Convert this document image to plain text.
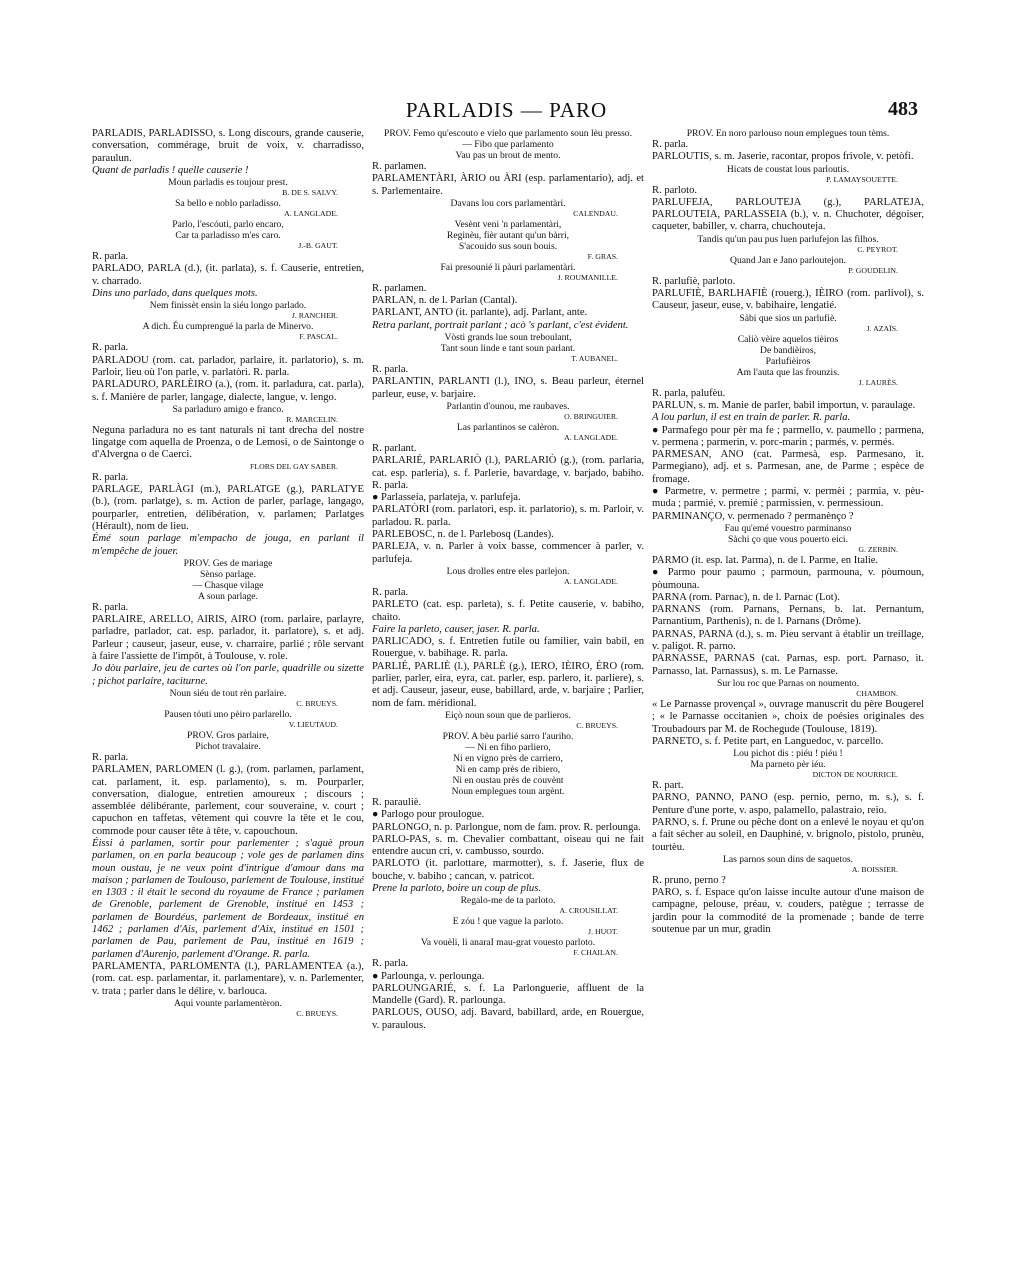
PARLADIS — PARO	483

PARLADIS, PARLADISSO, s. Long discours, grande causerie, conversation, commérage, bruit de voix, v. charradisso, paraulun.

Quant de parladis ! quelle causerie !

Moun parladis es toujour prest.

B. DE S. SALVY.

Sa bello e noblo parladisso.

A. LANGLADE.

Parlo, l'escóuti, parlo encaro,

Car ta parladisso m'es caro.

J.-B. GAUT.

R. parla.

PARLADO, PARLA (d.), (it. parlata), s. f. Causerie, entretien, v. charrado.

Dins uno parlado, dans quelques mots.

Nem finissèt ensin la siéu longo parlado.

J. RANCHER.

A dich. Éu cumprengué la parla de Minervo.

F. PASCAL.

R. parla.

PARLADOU (rom. cat. parlador, parlaire, it. parlatorio), s. m. Parloir, lieu où l'on parle, v. parlatòri. R. parla.

PARLADURO, PARLÈIRO (a.), (rom. it. parladura, cat. parla), s. f. Manière de parler, langage, dialecte, langue, v. lengo.

Sa parladuro amigo e franco.

R. MARCELIN.

Neguna parladura no es tant naturals ni tant drecha del nostre lingatge com aquella de Proenza, o de Lemosi, o de Saintonge o d'Alvergna o de Caerci.

FLORS DEL GAY SABER.

R. parla.

PARLAGE, PARLÀGI (m.), PARLATGE (g.), PARLATYE (b.), (rom. parlatge), s. m. Action de parler, parlage, langago, pourparler, entretien, délibération, v. parlamen; Parlatges (Hérault), nom de lieu.

Émé soun parlage m'empacho de jouga, en parlant il m'empêche de jouer.

PROV. Ges de mariage

Sènso parlage.

— Chasque vilage

A soun parlage.

R. parla.

PARLAIRE, ARELLO, AIRIS, AIRO (rom. parlaire, parlayre, parladre, parlador, cat. esp. parlador, it. parlatore), s. et adj. Parleur ; causeur, jaseur, euse, v. charraire, parlié ; rôle servant à faire l'assiette de l'impôt, à Toulouse, v. role.

Jo dòu parlaire, jeu de cartes où l'on parle, quadrille ou sizette ; pichot parlaire, taciturne.

Noun siéu de tout rèn parlaire.

C. BRUEYS.

Pausen tóuti uno pèiro parlarello.

V. LIEUTAUD.

PROV. Gros parlaire,

Pichot travalaire.

R. parla.

PARLAMEN, PARLOMEN (l. g.), (rom. parlamen, parlament, cat. parlament, it. esp. parlamento), s. m. Pourparler, conversation, dialogue, entretien amoureux ; discours ; assemblée délibérante, parlement, cour souveraine, v. court ; capuchon en taffetas, vêtement qui couvre la tête et le cou, commode pour causer tête à tête, v. capouchoun.

Éissi à parlamen, sortir pour parlementer ; s'aguè proun parlamen, on en parla beaucoup ; vole ges de parlamen dins moun oustau, je ne veux point d'intrigue d'amour dans ma maison ; parlamen de Toulouso, parlement de Toulouse, institué en 1303 : il était le second du royaume de France ; parlamen de Grenoble, parlement de Grenoble, institué en 1453 ; parlamen de Bourdéus, parlement de Bordeaux, institué en 1462 ; parlamen d'Ais, parlement d'Aix, institué en 1501 ; parlamen de Pau, parlement de Pau, institué en 1619 ; parlamen d'Aurenjo, parlement d'Orange. R. parla.

PARLAMENTA, PARLOMENTA (l.), PARLAMENTEA (a.), (rom. cat. esp. parlamentar, it. parlamentare), v. n. Parlementer, v. trata ; parler dans le délire, v. barlouca.

Aqui vounte parlamentèron.

C. BRUEYS.

PROV. Femo qu'escouto e vielo que parlamento soun lèu presso.

— Fibo que parlamento

Vau pas un brout de mento.

R. parlamen.

PARLAMENTÀRI, ÀRIO ou ÀRI (esp. parlamentario), adj. et s. Parlementaire.

Davans lou cors parlamentàri.

CALENDAU.

Vesènt veni 'n parlamentàri,

Reginèu, fièr autant qu'un bàrri,

S'acouido sus soun bouis.

F. GRAS.

Fai presounié li pàuri parlamentàri.

J. ROUMANILLE.

R. parlamen.

PARLAN, n. de l. Parlan (Cantal).

PARLANT, ANTO (it. parlante), adj. Parlant, ante.

Retra parlant, portrait parlant ; acò 's parlant, c'est évident.

Vòsti grands lue soun treboulant,

Tant soun linde e tant soun parlant.

T. AUBANEL.

R. parla.

PARLANTIN, PARLANTI (l.), INO, s. Beau parleur, éternel parleur, euse, v. barjaire.

Parlantin d'ounou, me raubaves.

O. BRINGUIER.

Las parlantinos se calèron.

A. LANGLADE.

R. parlant.

PARLARIÉ, PARLARIÒ (l.), PARLARIÒ (g.), (rom. parlaria, cat. esp. parleria), s. f. Parlerie, bavardage, v. barjado, babiho. R. parla.

● Parlasseia, parlateja, v. parlufeja.

PARLATÒRI (rom. parlatori, esp. it. parlatorio), s. m. Parloir, v. parladou. R. parla.

PARLEBOSC, n. de l. Parlebosq (Landes).

PARLEJA, v. n. Parler à voix basse, commencer à parler, v. parlufeja.

Lous drolles entre eles parlejon.

A. LANGLADE.

R. parla.

PARLETO (cat. esp. parleta), s. f. Petite causerie, v. babiho, chaito.

Faire la parleto, causer, jaser. R. parla.

PARLICADO, s. f. Entretien futile ou familier, vain babil, en Rouergue, v. babihage. R. parla.

PARLIÉ, PARLIÈ (l.), PARLÈ (g.), IERO, IÈIRO, ÈRO (rom. parlier, parler, eira, eyra, cat. parler, esp. parlero, it. parliere), s. et adj. Causeur, jaseur, euse, babillard, arde, v. barjaire ; Parlier, nom de fam. méridional.

Eiçò noun soun que de parlieros.

C. BRUEYS.

PROV. A bèu parlié sarro l'auriho.

— Ni en fiho parliero,

Ni en vigno près de carriero,

Ni en camp près de ribiero,

Ni en oustau près de couvènt

Noun emplegues toun argènt.

R. parauliè.

● Parlogo pour proulogue.

PARLONGO, n. p. Parlongue, nom de fam. prov. R. perlounga.

PARLO-PAS, s. m. Chevalier combattant, oiseau qui ne fait entendre aucun cri, v. cambusso, sourdo.

PARLOTO (it. parlottare, marmotter), s. f. Jaserie, flux de bouche, v. babiho ; cancan, v. patricot.

Prene la parloto, boire un coup de plus.

Regalo-me de ta parloto.

A. CROUSILLAT.

E zóu ! que vague la parloto.

J. HUOT.

Va vouèli, li anaraI mau-grat vouesto parloto.

F. CHAILAN.

R. parla.

● Parlounga, v. perlounga.

PARLOUNGARIÉ, s. f. La Parlonguerie, affluent de la Mandelle (Gard). R. parlounga.

PARLOUS, OUSO, adj. Bavard, babillard, arde, en Rouergue, v. paraulous.

PROV. En noro parlouso noun emplegues toun tèms.

R. parla.

PARLOUTIS, s. m. Jaserie, racontar, propos frivole, v. petòfi.

Hicats de coustat lous parloutis.

P. LAMAYSOUETTE.

R. parloto.

PARLUFEJA, PARLOUTEJA (g.), PARLATEJA, PARLOUTEIA, PARLASSEIA (b.), v. n. Chuchoter, dégoiser, caqueter, babiller, v. charra, chuchouteja.

Tandis qu'un pau pus luen parlufejon las filhos.

C. PEYROT.

Quand Jan e Jano parloutejon.

P. GOUDELIN.

R. parlufiè, parloto.

PARLUFIÈ, BARLHAFIÈ (rouerg.), IÈIRO (rom. parlivol), s. Causeur, jaseur, euse, v. babihaire, lengatié.

Sàbi que sios un parlufiè.

J. AZAÏS.

Caliò vèire aquelos tièiros

De bandièiros,

Parlufièiros

Am l'auta que las frounzis.

J. LAURÈS.

R. parla, palufèu.

PARLUN, s. m. Manie de parler, babil importun, v. paraulage.

A lou parlun, il est en train de parler. R. parla.

● Parmafego pour pèr ma fe ; parmello, v. paumello ; parmena, v. permena ; parmerin, v. porc-marin ; parmés, v. permés.

PARMESAN, ANO (cat. Parmesà, esp. Parmesano, it. Parmegiano), adj. et s. Parmesan, ane, de Parme ; espèce de fromage.

● Parmetre, v. permetre ; parmi, v. permèi ; parmia, v. pèu-muda ; parmié, v. premié ; parmissien, v. permessioun.

PARMINANÇO, v. permenado ? permanènço ?

Fau qu'emé vouestro parminanso

Sàchi ço que vous pouerto eici.

G. ZERBIN.

PARMO (it. esp. lat. Parma), n. de l. Parme, en Italie.

● Parmo pour paumo ; parmoun, parmouna, v. pòumoun, pòumouna.

PARNA (rom. Parnac), n. de l. Parnac (Lot).

PARNANS (rom. Parnans, Pernans, b. lat. Pernantum, Parnantium, Parthenis), n. de l. Parnans (Drôme).

PARNAS, PARNA (d.), s. m. Pieu servant à établir un treillage, v. paligot. R. parno.

PARNASSE, PARNAS (cat. Parnas, esp. port. Parnaso, it. Parnasso, lat. Parnassus), s. m. Le Parnasse.

Sur lou roc que Parnas on noumento.

CHAMBON.

« Le Parnasse provençal », ouvrage manuscrit du père Bougerel ; « le Parnasse occitanien », choix de poésies originales des Troubadours par M. de Rochegude (Toulouse, 1819).

PARNETO, s. f. Petite part, en Languedoc, v. parcello.

Lou pichot dis : piéu ! piéu !

Ma parneto pèr iéu.

DICTON DE NOURRICE.

R. part.

PARNO, PANNO, PANO (esp. pernio, perno, m. s.), s. f. Penture d'une porte, v. aspo, palamello, palastraio, reio.

PARNO, s. f. Prune ou pêche dont on a enlevé le noyau et qu'on a fait sécher au soleil, en Dauphiné, v. brignolo, pistolo, prunèu, tourtèu.

Las parnos soun dins de saquetos.

A. BOISSIER.

R. pruno, perno ?

PARO, s. f. Espace qu'on laisse inculte autour d'une maison de campagne, pelouse, préau, v. couders, patègue ; terrasse de jardin pour la commodité de la promenade ; bande de terre soutenue par un mur, gradin
